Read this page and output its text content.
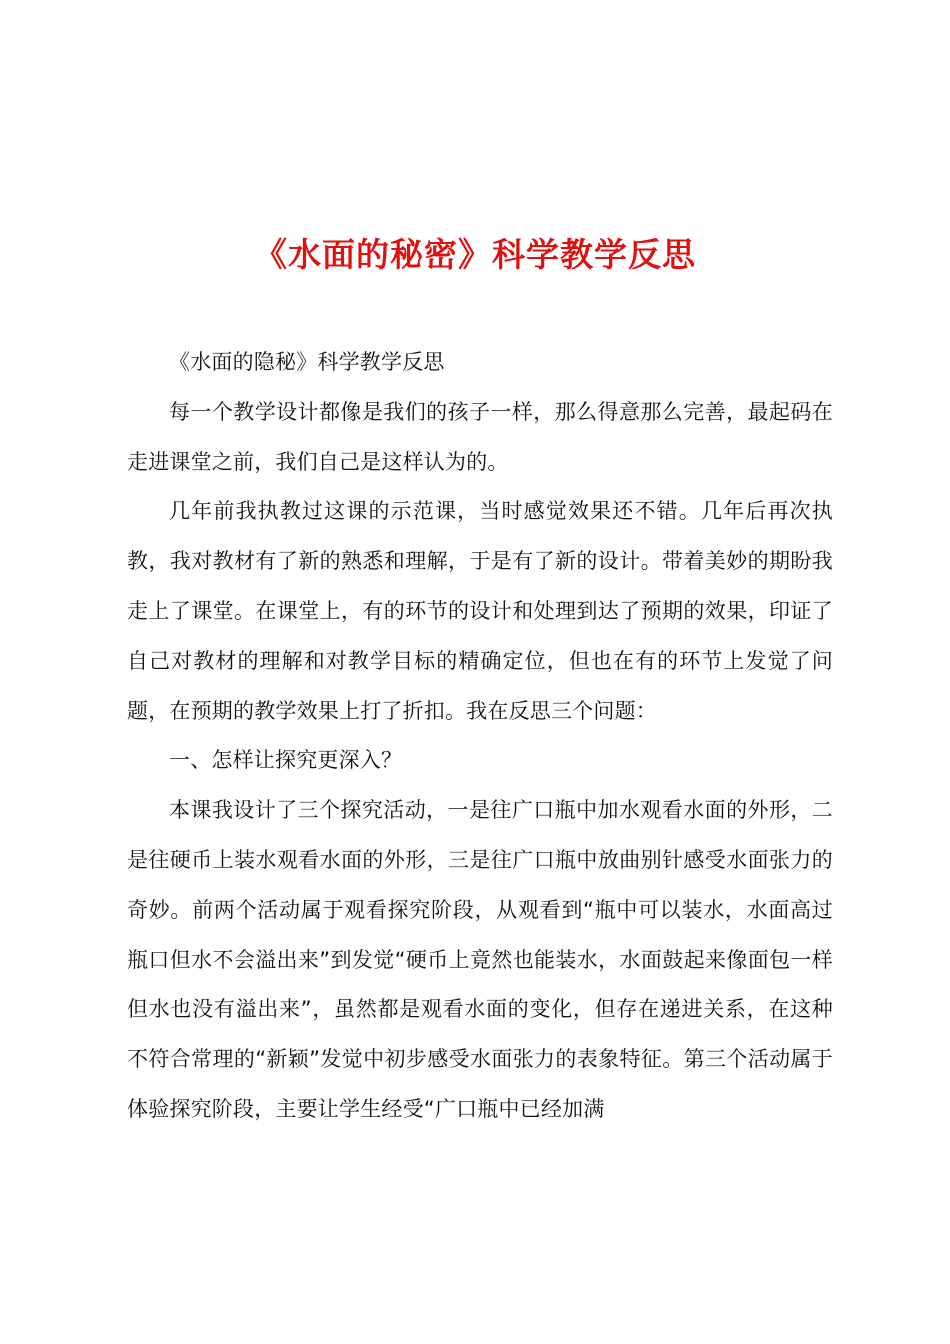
《水面的秘密》科学教学反思

《水面的隐秘》科学教学反思

每一个教学设计都像是我们的孩子一样，那么得意那么完善，最起码在走进课堂之前，我们自己是这样认为的。

几年前我执教过这课的示范课，当时感觉效果还不错。几年后再次执教，我对教材有了新的熟悉和理解，于是有了新的设计。带着美妙的期盼我走上了课堂。在课堂上，有的环节的设计和处理到达了预期的效果，印证了自己对教材的理解和对教学目标的精确定位，但也在有的环节上发觉了问题，在预期的教学效果上打了折扣。我在反思三个问题：

一、怎样让探究更深入？

本课我设计了三个探究活动，一是往广口瓶中加水观看水面的外形，二是往硬币上装水观看水面的外形，三是往广口瓶中放曲别针感受水面张力的奇妙。前两个活动属于观看探究阶段，从观看到“瓶中可以装水，水面高过瓶口但水不会溢出来”到发觉“硬币上竟然也能装水，水面鼓起来像面包一样但水也没有溢出来”，虽然都是观看水面的变化，但存在递进关系，在这种不符合常理的“新颖”发觉中初步感受水面张力的表象特征。第三个活动属于体验探究阶段，主要让学生经受“广口瓶中已经加满
